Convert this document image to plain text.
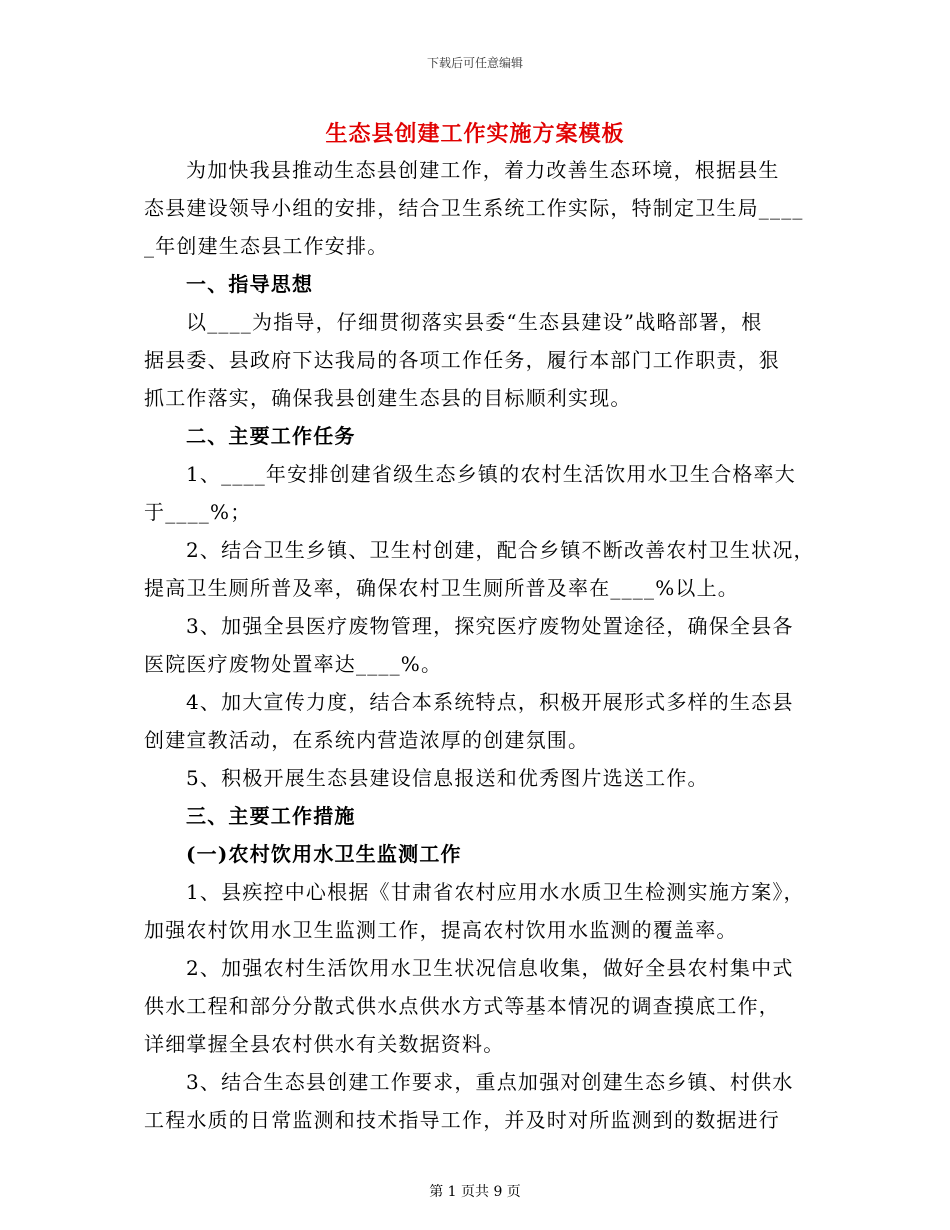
下载后可任意编辑
生态县创建工作实施方案模板
为加快我县推动生态县创建工作，着力改善生态环境，根据县生
态县建设领导小组的安排，结合卫生系统工作实际，特制定卫生局____
_年创建生态县工作安排。
一、指导思想
以____为指导，仔细贯彻落实县委“生态县建设”战略部署，根
据县委、县政府下达我局的各项工作任务，履行本部门工作职责，狠
抓工作落实，确保我县创建生态县的目标顺利实现。
二、主要工作任务
1、____年安排创建省级生态乡镇的农村生活饮用水卫生合格率大
于____%；
2、结合卫生乡镇、卫生村创建，配合乡镇不断改善农村卫生状况，
提高卫生厕所普及率，确保农村卫生厕所普及率在____%以上。
3、加强全县医疗废物管理，探究医疗废物处置途径，确保全县各
医院医疗废物处置率达____%。
4、加大宣传力度，结合本系统特点，积极开展形式多样的生态县
创建宣教活动，在系统内营造浓厚的创建氛围。
5、积极开展生态县建设信息报送和优秀图片选送工作。
三、主要工作措施
(一)农村饮用水卫生监测工作
1、县疾控中心根据《甘肃省农村应用水水质卫生检测实施方案》，
加强农村饮用水卫生监测工作，提高农村饮用水监测的覆盖率。
2、加强农村生活饮用水卫生状况信息收集，做好全县农村集中式
供水工程和部分分散式供水点供水方式等基本情况的调查摸底工作，
详细掌握全县农村供水有关数据资料。
3、结合生态县创建工作要求，重点加强对创建生态乡镇、村供水
工程水质的日常监测和技术指导工作，并及时对所监测到的数据进行
第 1 页共 9 页
